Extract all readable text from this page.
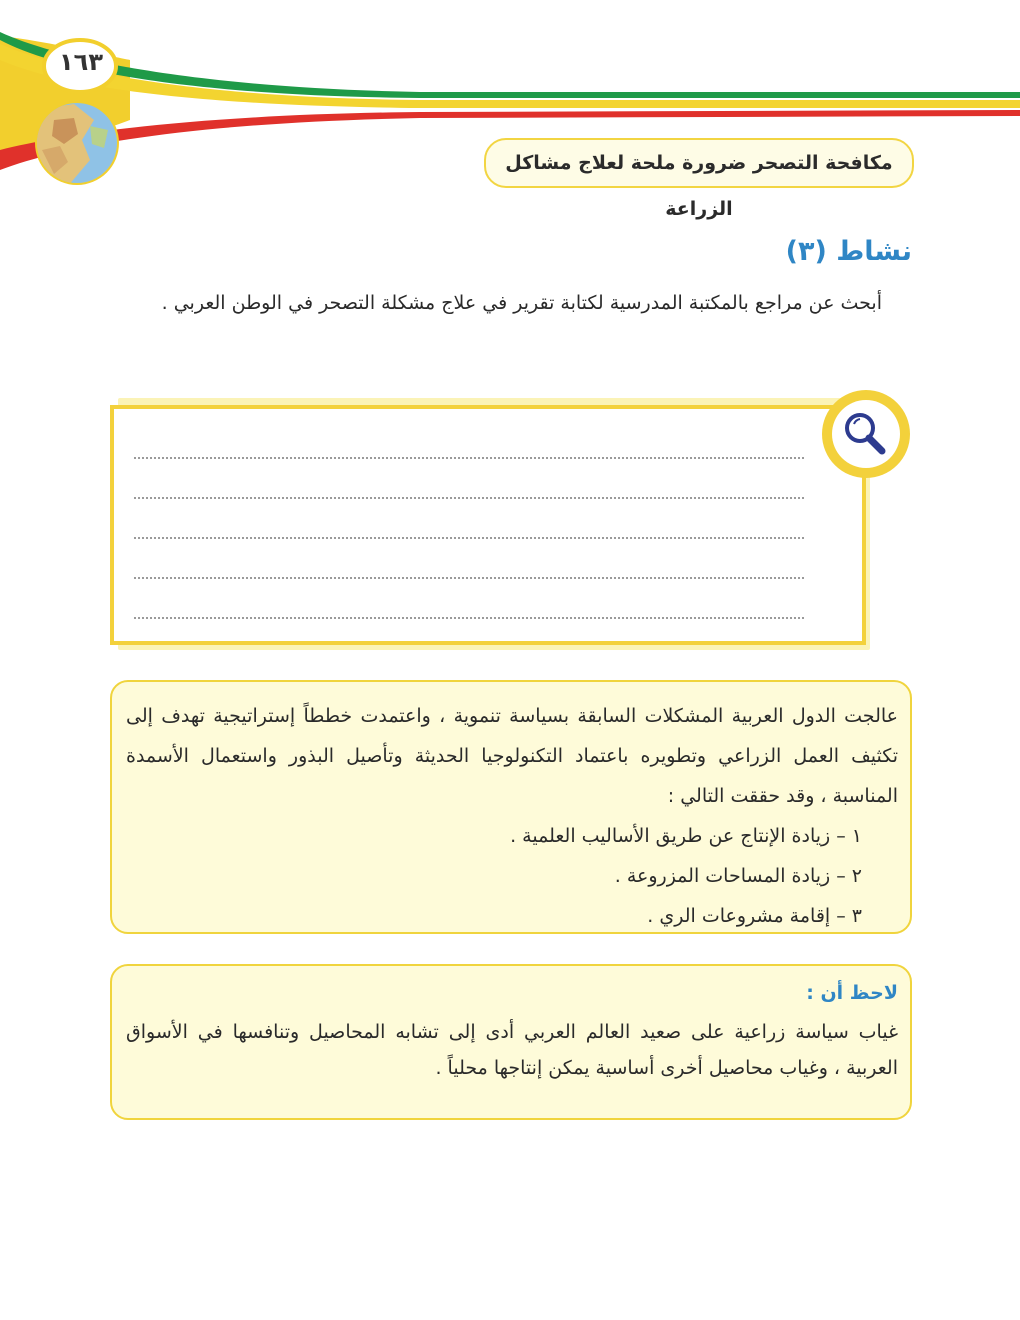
١٦٣
مكافحة التصحر ضرورة ملحة لعلاج مشاكل الزراعة
نشاط (٣)
أبحث عن مراجع بالمكتبة المدرسية لكتابة تقرير في علاج مشكلة التصحر في الوطن العربي .

عالجت الدول العربية المشكلات السابقة بسياسة تنموية ، واعتمدت خططاً إستراتيجية تهدف إلى تكثيف العمل الزراعي وتطويره باعتماد التكنولوجيا الحديثة وتأصيل البذور واستعمال الأسمدة المناسبة ، وقد حققت التالي :

١ – زيادة الإنتاج عن طريق الأساليب العلمية .
٢ – زيادة المساحات المزروعة .
٣ – إقامة مشروعات الري .

لاحظ أن :

غياب سياسة زراعية على صعيد العالم العربي أدى إلى تشابه المحاصيل وتنافسها في الأسواق العربية ، وغياب محاصيل أخرى أساسية يمكن إنتاجها محلياً .
